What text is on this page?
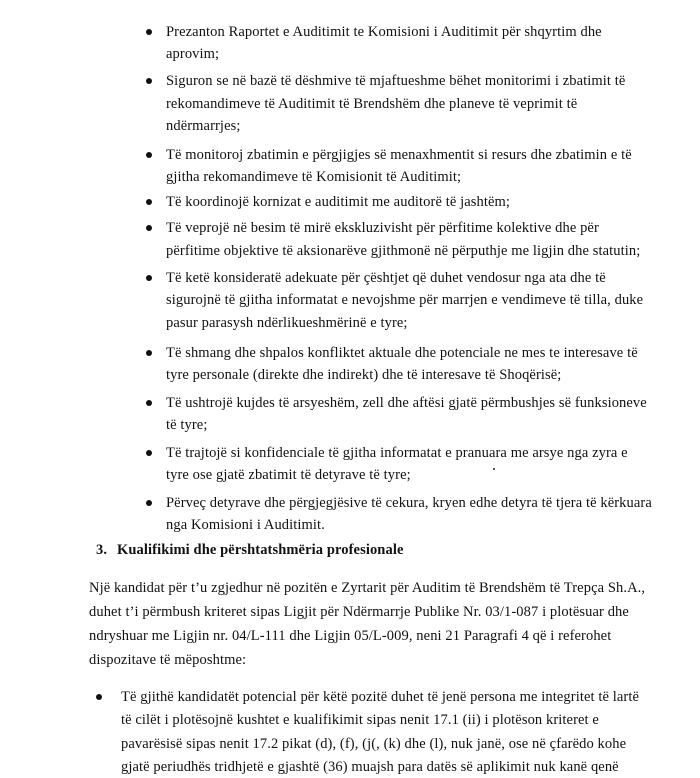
Prezanton Raportet e Auditimit te Komisioni i Auditimit për shqyrtim dhe
aprovim;
Siguron se në bazë të dëshmive të mjaftueshme bëhet monitorimi i zbatimit të
rekomandimeve të Auditimit të Brendshëm dhe planeve të veprimit të
ndërmarrjes;
Të monitoroj zbatimin e përgjigjes së menaxhmentit si resurs dhe zbatimin e të
gjitha rekomandimeve të Komisionit të Auditimit;
Të koordinojë kornizat e auditimit me auditorë të jashtëm;
Të veprojë në besim të mirë ekskluzivisht për përfitime kolektive dhe për
përfitime objektive të aksionarëve gjithmonë në përputhje me ligjin dhe statutin;
Të ketë konsideratë adekuate për çështjet që duhet vendosur nga ata dhe të
sigurojnë të gjitha informatat e nevojshme për marrjen e vendimeve të tilla, duke
pasur parasysh ndërlikueshmërinë e tyre;
Të shmang dhe shpalos konfliktet aktuale dhe potenciale ne mes te interesave të
tyre personale (direkte dhe indirekt) dhe të interesave të Shoqërisë;
Të ushtrojë kujdes të arsyeshëm, zell dhe aftësi gjatë përmbushjes së funksioneve
të tyre;
Të trajtojë si konfidenciale të gjitha informatat e pranuara me arsye nga zyra e
tyre ose gjatë zbatimit të detyrave të tyre;
Përveç detyrave dhe përgjegjësive të cekura, kryen edhe detyra të tjera të kërkuara
nga Komisioni i Auditimit.
3. Kualifikimi dhe përshtatshmëria profesionale
Një kandidat për t’u zgjedhur në pozitën e Zyrtarit për Auditim të Brendshëm të Trepça Sh.A.,
duhet t’i përmbush kriteret sipas Ligjit për Ndërmarrje Publike Nr. 03/1-087 i plotësuar dhe
ndryshuar me Ligjin nr. 04/L-111 dhe Ligjin 05/L-009, neni 21 Paragrafi 4 që i referohet
dispozitave të mëposhtme:
Të gjithë kandidatët potencial për këtë pozitë duhet të jenë persona me integritet të lartë
të cilët i plotësojnë kushtet e kualifikimit sipas nenit 17.1 (ii) i plotëson kriteret e
pavarësisë sipas nenit 17.2 pikat (d), (f), (j(, (k) dhe (l), nuk janë, ose në çfarëdo kohe
gjatë periudhës tridhjetë e gjashtë (36) muajsh para datës së aplikimit nuk kanë qenë
